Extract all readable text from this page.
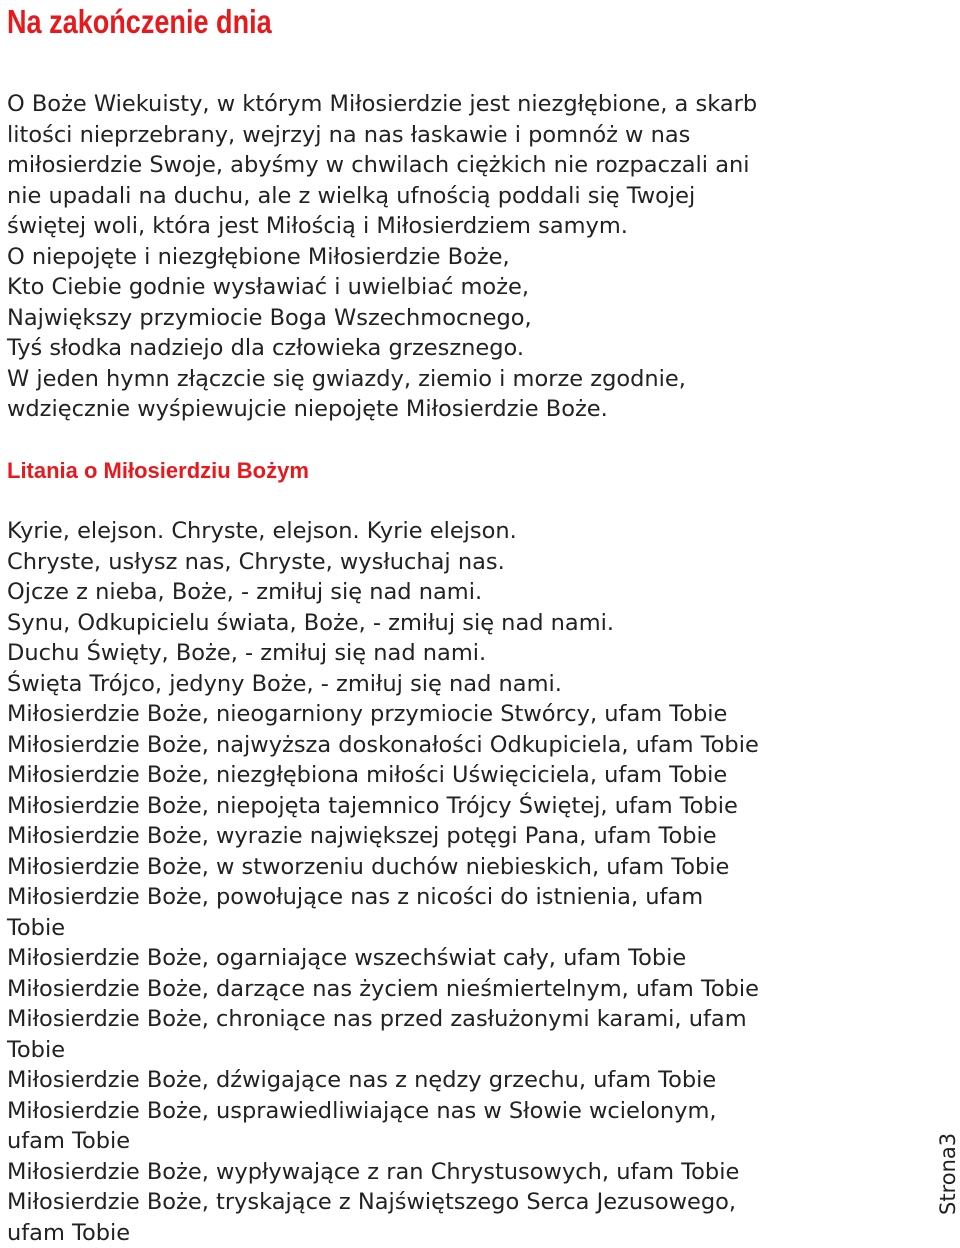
Na zakończenie dnia
O Boże Wiekuisty, w którym Miłosierdzie jest niezgłębione, a skarb
litości nieprzebrany, wejrzyj na nas łaskawie i pomnóż w nas
miłosierdzie Swoje, abyśmy w chwilach ciężkich nie rozpaczali ani
nie upadali na duchu, ale z wielką ufnością poddali się Twojej
świętej woli, która jest Miłością i Miłosierdziem samym.
O niepojęte i niezgłębione Miłosierdzie Boże,
Kto Ciebie godnie wysławiać i uwielbiać może,
Największy przymiocie Boga Wszechmocnego,
Tyś słodka nadziejo dla człowieka grzesznego.
W jeden hymn złączcie się gwiazdy, ziemio i morze zgodnie,
wdzięcznie wyśpiewujcie niepojęte Miłosierdzie Boże.
Litania o Miłosierdziu Bożym
Kyrie, elejson. Chryste, elejson. Kyrie elejson.
Chryste, usłysz nas, Chryste, wysłuchaj nas.
Ojcze z nieba, Boże, - zmiłuj się nad nami.
Synu, Odkupicielu świata, Boże, - zmiłuj się nad nami.
Duchu Święty, Boże, - zmiłuj się nad nami.
Święta Trójco, jedyny Boże, - zmiłuj się nad nami.
Miłosierdzie Boże, nieogarniony przymiocie Stwórcy, ufam Tobie
Miłosierdzie Boże, najwyższa doskonałości Odkupiciela, ufam Tobie
Miłosierdzie Boże, niezgłębiona miłości Uświęciciela, ufam Tobie
Miłosierdzie Boże, niepojęta tajemnico Trójcy Świętej, ufam Tobie
Miłosierdzie Boże, wyrazie największej potęgi Pana, ufam Tobie
Miłosierdzie Boże, w stworzeniu duchów niebieskich, ufam Tobie
Miłosierdzie Boże, powołujące nas z nicości do istnienia, ufam
Tobie
Miłosierdzie Boże, ogarniające wszechświat cały, ufam Tobie
Miłosierdzie Boże, darzące nas życiem nieśmiertelnym, ufam Tobie
Miłosierdzie Boże, chroniące nas przed zasłużonymi karami, ufam
Tobie
Miłosierdzie Boże, dźwigające nas z nędzy grzechu, ufam Tobie
Miłosierdzie Boże, usprawiedliwiające nas w Słowie wcielonym,
ufam Tobie
Miłosierdzie Boże, wypływające z ran Chrystusowych, ufam Tobie
Miłosierdzie Boże, tryskające z Najświętszego Serca Jezusowego,
ufam Tobie
Strona3
